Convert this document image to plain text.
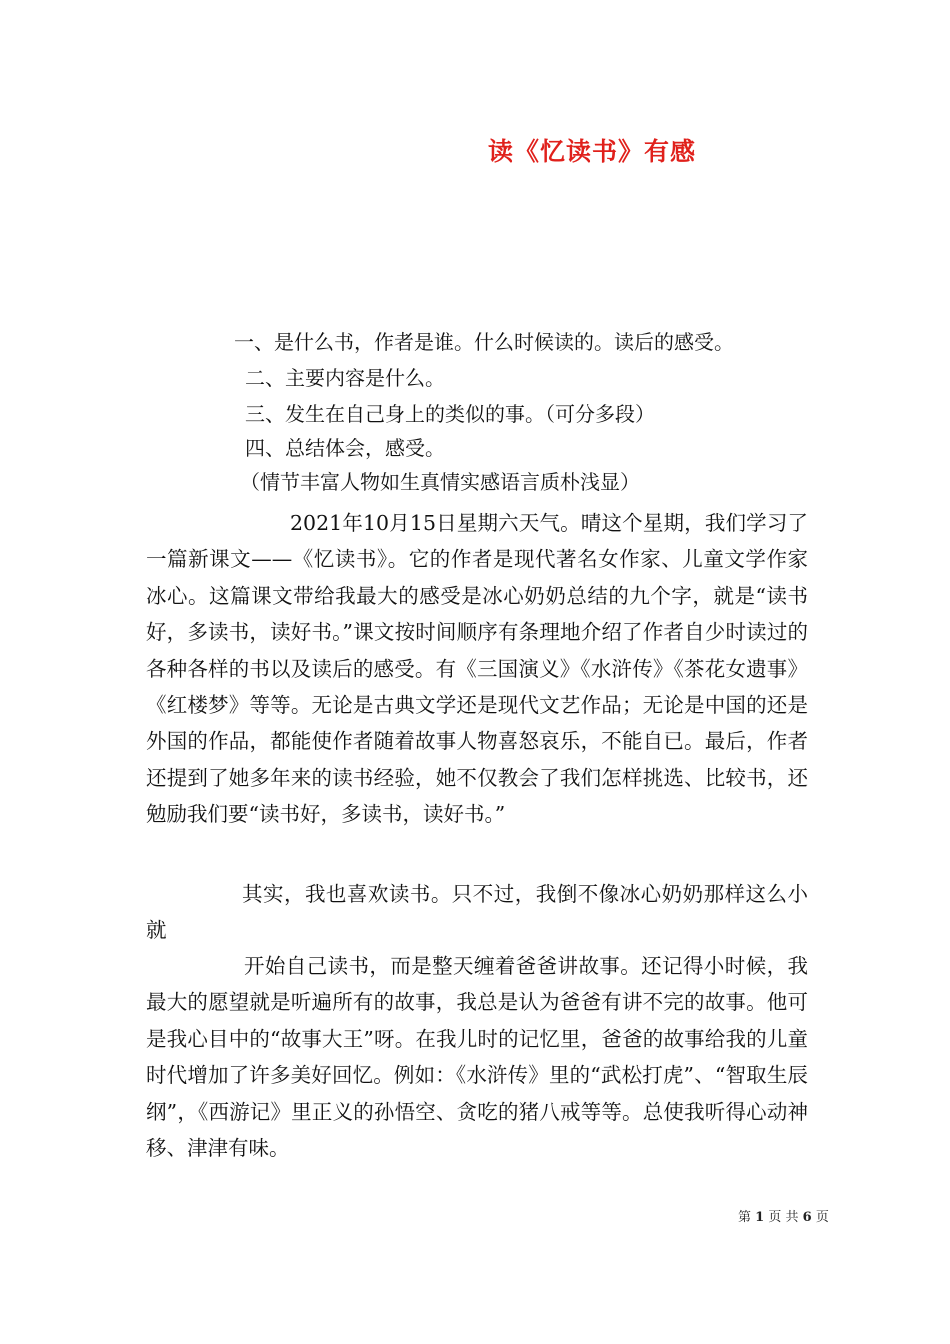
读《忆读书》有感
一、是什么书，作者是谁。什么时候读的。读后的感受。
二、主要内容是什么。
三、发生在自己身上的类似的事。（可分多段）
四、总结体会，感受。
（情节丰富人物如生真情实感语言质朴浅显）

2021年10月15日星期六天气。晴这个星期，我们学习了一篇新课文——《忆读书》。它的作者是现代著名女作家、儿童文学作家冰心。这篇课文带给我最大的感受是冰心奶奶总结的九个字，就是“读书好，多读书，读好书。”课文按时间顺序有条理地介绍了作者自少时读过的各种各样的书以及读后的感受。有《三国演义》《水浒传》《茶花女遗事》《红楼梦》等等。无论是古典文学还是现代文艺作品；无论是中国的还是外国的作品，都能使作者随着故事人物喜怒哀乐，不能自已。最后，作者还提到了她多年来的读书经验，她不仅教会了我们怎样挑选、比较书，还勉励我们要“读书好，多读书，读好书。”

其实，我也喜欢读书。只不过，我倒不像冰心奶奶那样这么小就

开始自己读书，而是整天缠着爸爸讲故事。还记得小时候，我最大的愿望就是听遍所有的故事，我总是认为爸爸有讲不完的故事。他可是我心目中的“故事大王”呀。在我儿时的记忆里，爸爸的故事给我的儿童时代增加了许多美好回忆。例如：《水浒传》里的“武松打虎”、“智取生辰纲”，《西游记》里正义的孙悟空、贪吃的猪八戒等等。总使我听得心动神移、津津有味。

第 1 页 共 6 页
